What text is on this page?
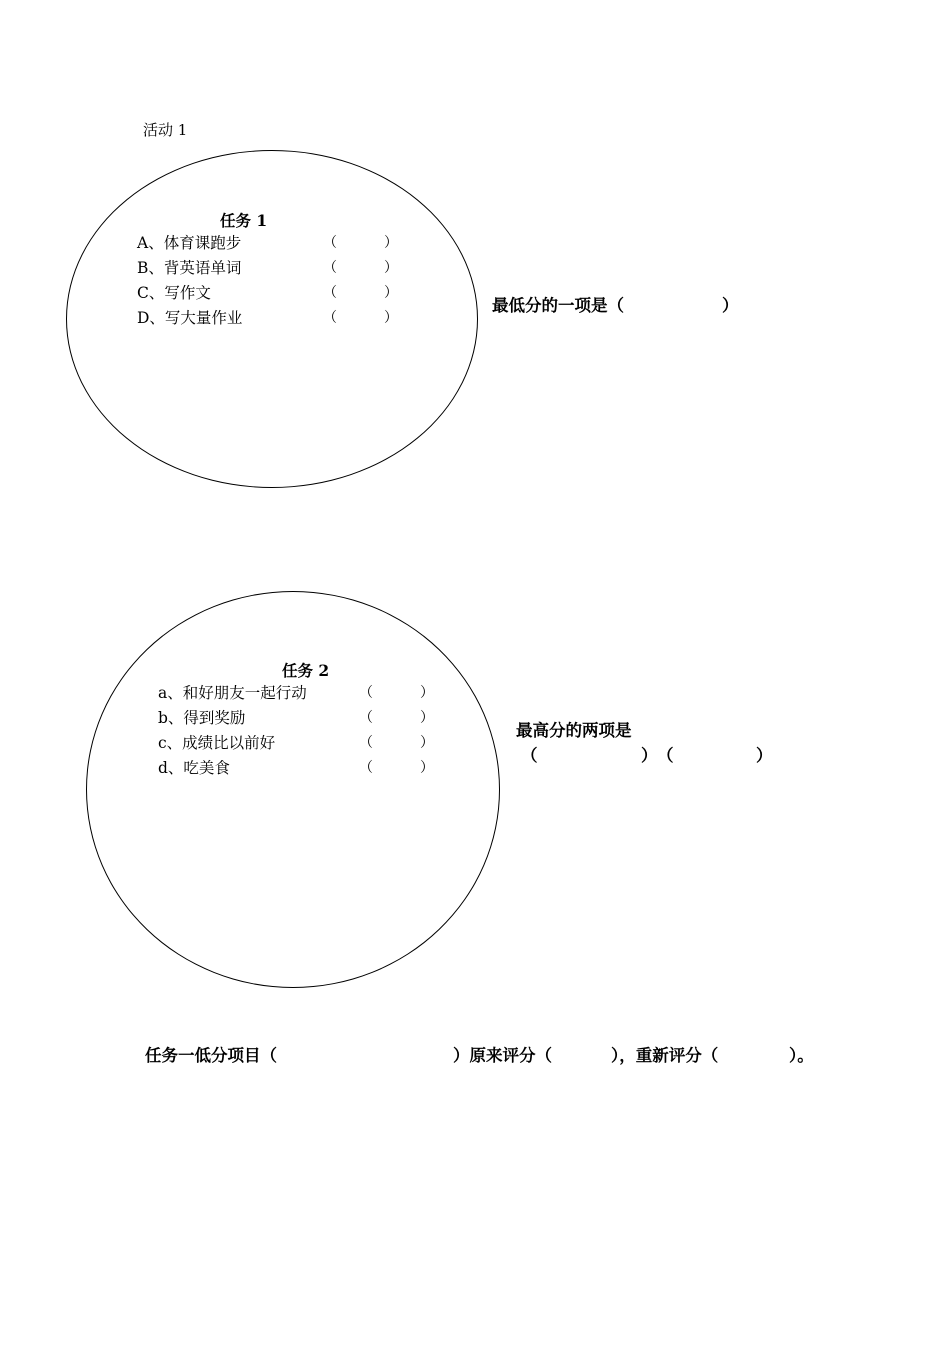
活动 1
任务 1
A、体育课跑步	（	）
B、背英语单词	（	）
C、写作文	（	）
D、写大量作业	（	）
最低分的一项是（	）
任务 2
a、和好朋友一起行动	（	）
b、得到奖励	（	）
c、成绩比以前好	（	）
d、吃美食	（	）
最高分的两项是
（	） （	）
任务一低分项目（	）原来评分（	），重新评分（	）。
